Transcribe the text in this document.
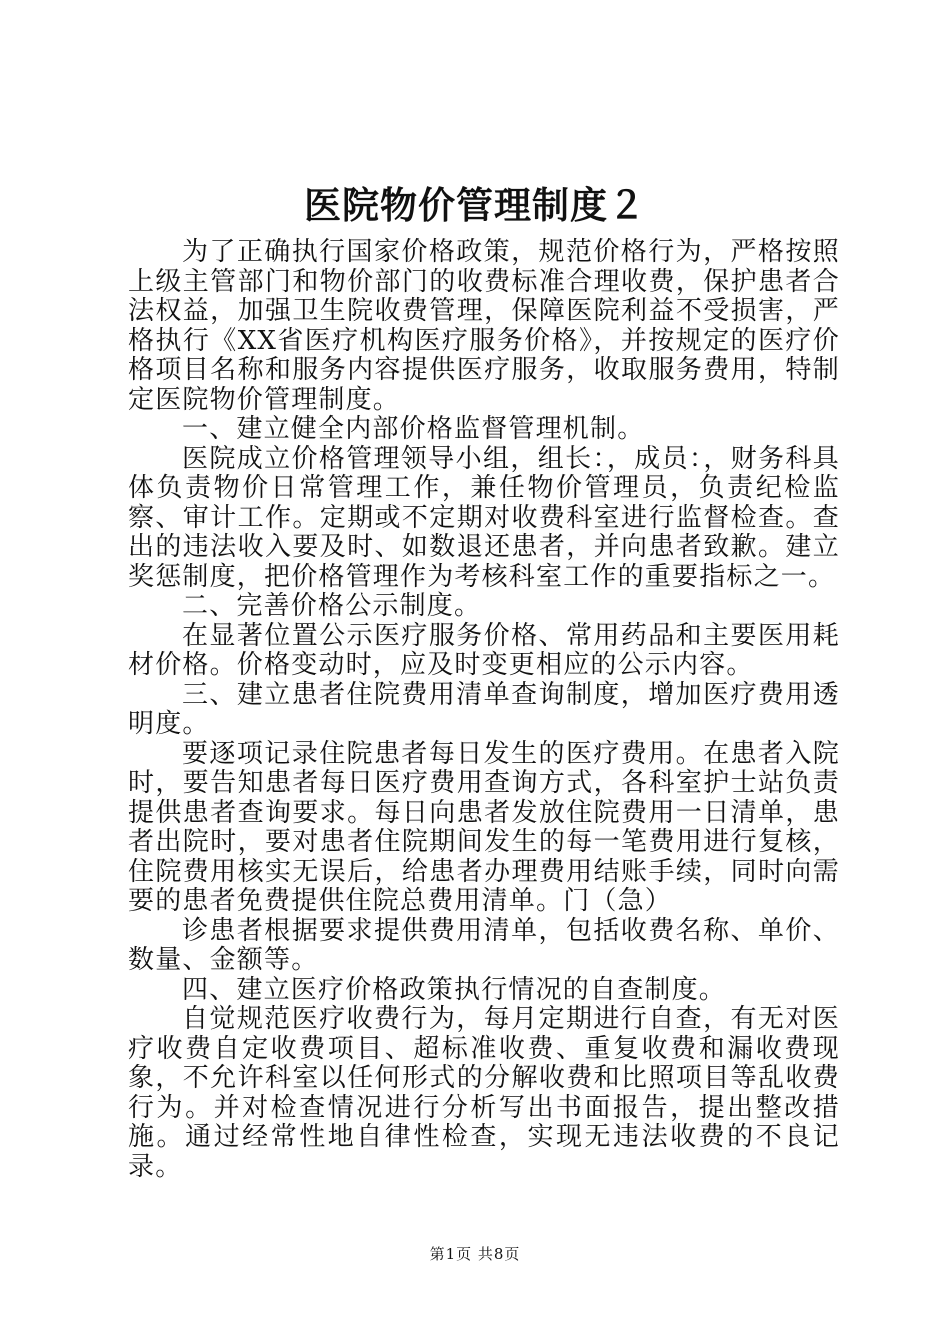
医院物价管理制度２

为了正确执行国家价格政策，规范价格行为，严格按照上级主管部门和物价部门的收费标准合理收费，保护患者合法权益，加强卫生院收费管理，保障医院利益不受损害，严格执行《XX省医疗机构医疗服务价格》，并按规定的医疗价格项目名称和服务内容提供医疗服务，收取服务费用，特制定医院物价管理制度。

一、建立健全内部价格监督管理机制。

医院成立价格管理领导小组，组长：，成员：，财务科具体负责物价日常管理工作，兼任物价管理员，负责纪检监察、审计工作。定期或不定期对收费科室进行监督检查。查出的违法收入要及时、如数退还患者，并向患者致歉。建立奖惩制度，把价格管理作为考核科室工作的重要指标之一。

二、完善价格公示制度。

在显著位置公示医疗服务价格、常用药品和主要医用耗材价格。价格变动时，应及时变更相应的公示内容。

三、建立患者住院费用清单查询制度，增加医疗费用透明度。

要逐项记录住院患者每日发生的医疗费用。在患者入院时，要告知患者每日医疗费用查询方式，各科室护士站负责提供患者查询要求。每日向患者发放住院费用一日清单，患者出院时，要对患者住院期间发生的每一笔费用进行复核，住院费用核实无误后，给患者办理费用结账手续，同时向需要的患者免费提供住院总费用清单。门（急）

诊患者根据要求提供费用清单，包括收费名称、单价、数量、金额等。

四、建立医疗价格政策执行情况的自查制度。

自觉规范医疗收费行为，每月定期进行自查，有无对医疗收费自定收费项目、超标准收费、重复收费和漏收费现象，不允许科室以任何形式的分解收费和比照项目等乱收费行为。并对检查情况进行分析写出书面报告，提出整改措施。通过经常性地自律性检查，实现无违法收费的不良记录。

第1页 共8页
